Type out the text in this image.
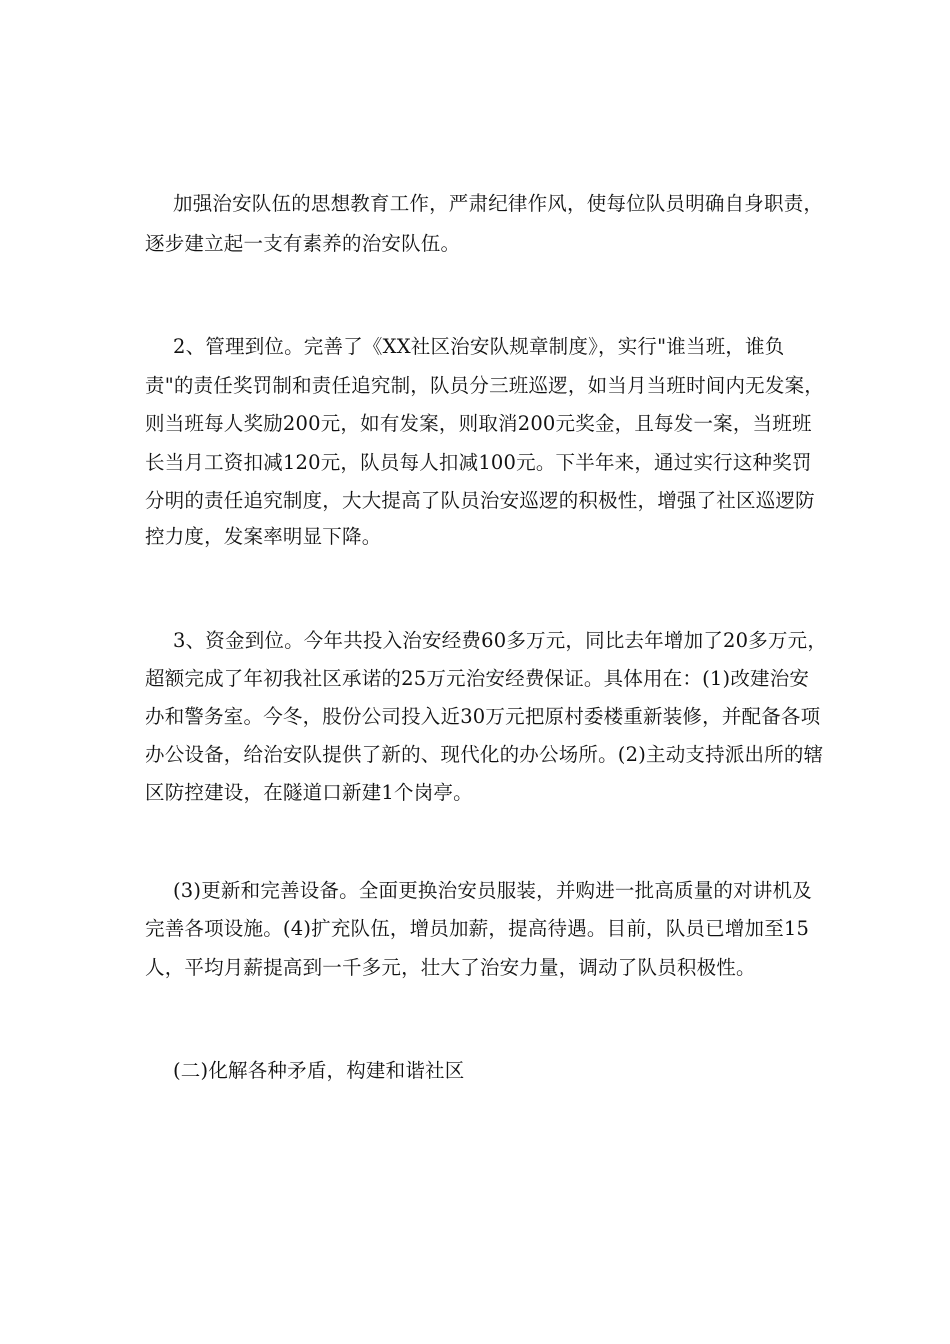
加强治安队伍的思想教育工作，严肃纪律作风，使每位队员明确自身职责，
逐步建立起一支有素养的治安队伍。
2、管理到位。完善了《XX社区治安队规章制度》，实行"谁当班，谁负
责"的责任奖罚制和责任追究制，队员分三班巡逻，如当月当班时间内无发案，
则当班每人奖励200元，如有发案，则取消200元奖金，且每发一案，当班班
长当月工资扣减120元，队员每人扣减100元。下半年来，通过实行这种奖罚
分明的责任追究制度，大大提高了队员治安巡逻的积极性，增强了社区巡逻防
控力度，发案率明显下降。
3、资金到位。今年共投入治安经费60多万元，同比去年增加了20多万元，
超额完成了年初我社区承诺的25万元治安经费保证。具体用在：(1)改建治安
办和警务室。今冬，股份公司投入近30万元把原村委楼重新装修，并配备各项
办公设备，给治安队提供了新的、现代化的办公场所。(2)主动支持派出所的辖
区防控建设，在隧道口新建1个岗亭。
(3)更新和完善设备。全面更换治安员服装，并购进一批高质量的对讲机及
完善各项设施。(4)扩充队伍，增员加薪，提高待遇。目前，队员已增加至15
人，平均月薪提高到一千多元，壮大了治安力量，调动了队员积极性。
(二)化解各种矛盾，构建和谐社区
